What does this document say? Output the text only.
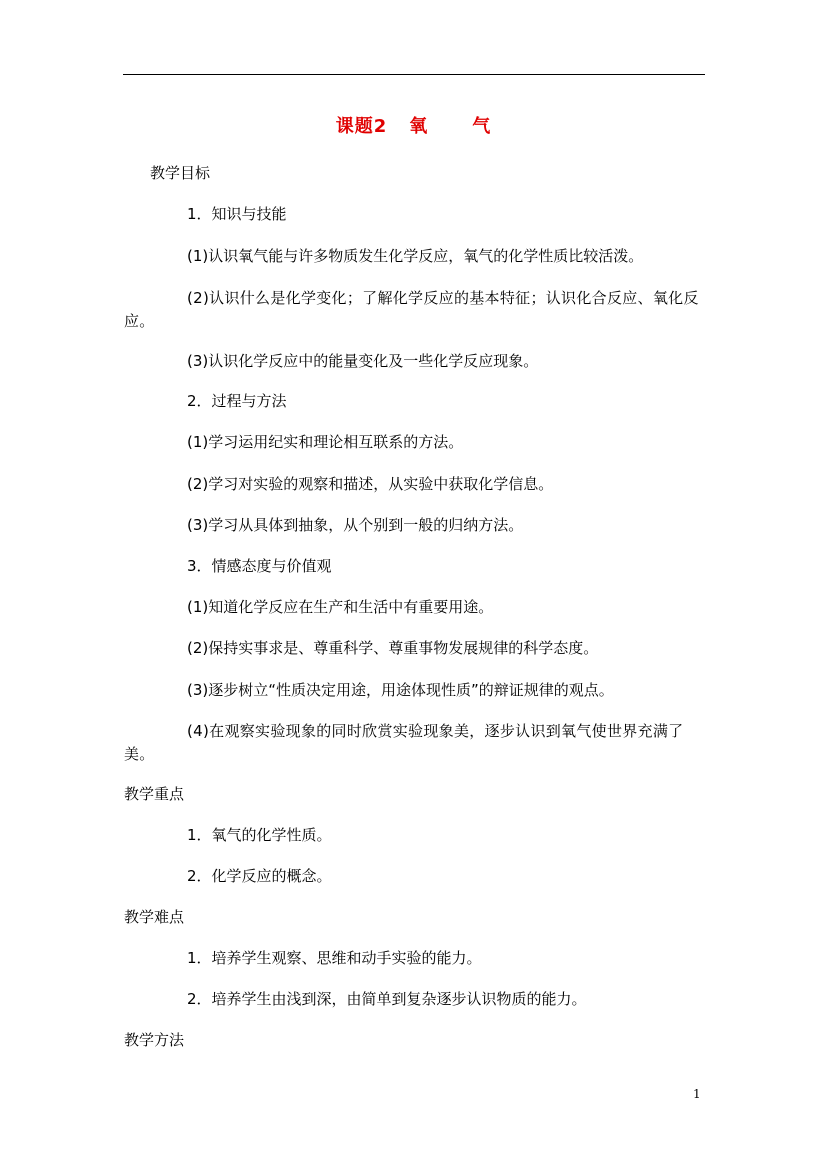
课题2 氧 气
教学目标
1．知识与技能
(1)认识氧气能与许多物质发生化学反应，氧气的化学性质比较活泼。
(2)认识什么是化学变化；了解化学反应的基本特征；认识化合反应、氧化反应。
(3)认识化学反应中的能量变化及一些化学反应现象。
2．过程与方法
(1)学习运用纪实和理论相互联系的方法。
(2)学习对实验的观察和描述，从实验中获取化学信息。
(3)学习从具体到抽象，从个别到一般的归纳方法。
3．情感态度与价值观
(1)知道化学反应在生产和生活中有重要用途。
(2)保持实事求是、尊重科学、尊重事物发展规律的科学态度。
(3)逐步树立“性质决定用途，用途体现性质”的辩证规律的观点。
(4)在观察实验现象的同时欣赏实验现象美，逐步认识到氧气使世界充满了美。
教学重点
1．氧气的化学性质。
2．化学反应的概念。
教学难点
1．培养学生观察、思维和动手实验的能力。
2．培养学生由浅到深，由简单到复杂逐步认识物质的能力。
教学方法
1
